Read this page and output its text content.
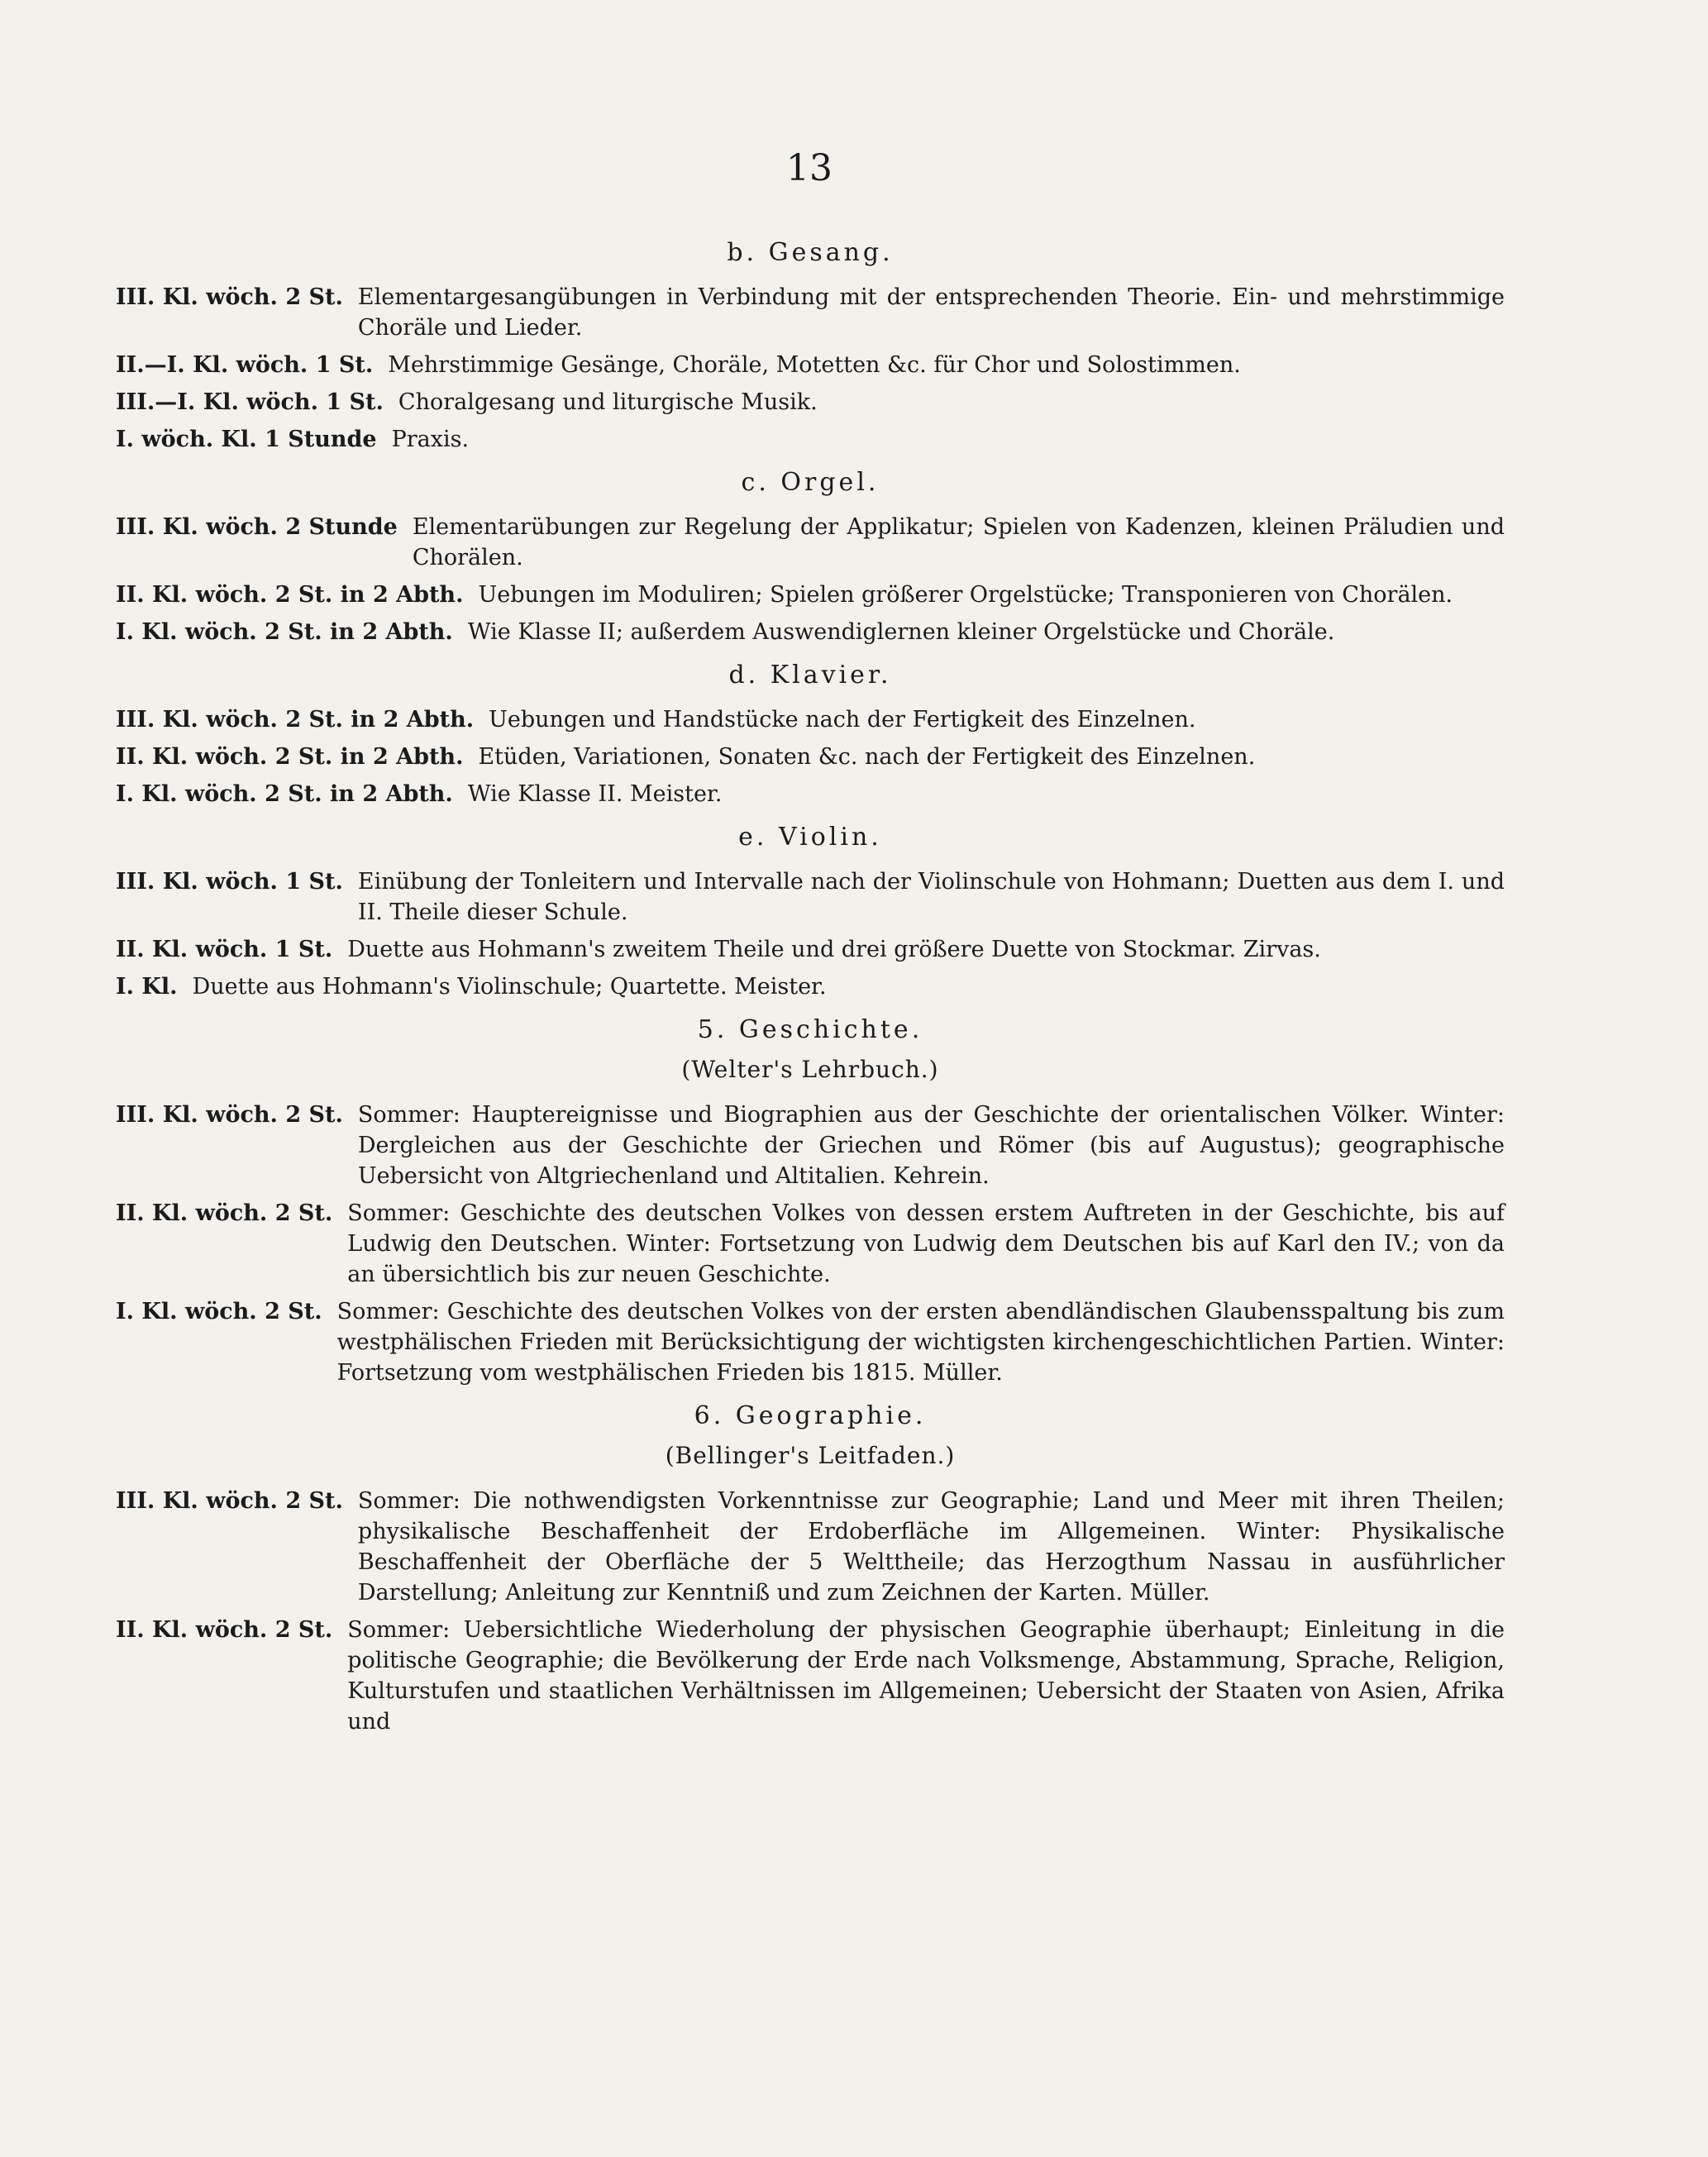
13
b. Gesang.
III. Kl. wöch. 2 St. Elementargesangübungen in Verbindung mit der entsprechenden Theorie. Ein- und mehrstimmige Choräle und Lieder.
II.—I. Kl. wöch. 1 St. Mehrstimmige Gesänge, Choräle, Motetten &c. für Chor und Solostimmen.
III.—I. Kl. wöch. 1 St. Choralgesang und liturgische Musik.
I. wöch. Kl. 1 Stunde Praxis.
c. Orgel.
III. Kl. wöch. 2 Stunde Elementarübungen zur Regelung der Applikatur; Spielen von Kadenzen, kleinen Präludien und Chorälen.
II. Kl. wöch. 2 St. in 2 Abth. Uebungen im Moduliren; Spielen größerer Orgelstücke; Transponieren von Chorälen.
I. Kl. wöch. 2 St. in 2 Abth. Wie Klasse II; außerdem Auswendiglernen kleiner Orgelstücke und Choräle.
d. Klavier.
III. Kl. wöch. 2 St. in 2 Abth. Uebungen und Handstücke nach der Fertigkeit des Einzelnen.
II. Kl. wöch. 2 St. in 2 Abth. Etüden, Variationen, Sonaten &c. nach der Fertigkeit des Einzelnen.
I. Kl. wöch. 2 St. in 2 Abth. Wie Klasse II. Meister.
e. Violin.
III. Kl. wöch. 1 St. Einübung der Tonleitern und Intervalle nach der Violinschule von Hohmann; Duetten aus dem I. und II. Theile dieser Schule.
II. Kl. wöch. 1 St. Duette aus Hohmann's zweitem Theile und drei größere Duette von Stockmar. Zirvas.
I. Kl. Duette aus Hohmann's Violinschule; Quartette. Meister.
5. Geschichte.
(Welter's Lehrbuch.)
III. Kl. wöch. 2 St. Sommer: Hauptereignisse und Biographien aus der Geschichte der orientalischen Völker. Winter: Dergleichen aus der Geschichte der Griechen und Römer (bis auf Augustus); geographische Uebersicht von Altgriechenland und Altitalien. Kehrein.
II. Kl. wöch. 2 St. Sommer: Geschichte des deutschen Volkes von dessen erstem Auftreten in der Geschichte, bis auf Ludwig den Deutschen. Winter: Fortsetzung von Ludwig dem Deutschen bis auf Karl den IV.; von da an übersichtlich bis zur neuen Geschichte.
I. Kl. wöch. 2 St. Sommer: Geschichte des deutschen Volkes von der ersten abendländischen Glaubensspaltung bis zum westphälischen Frieden mit Berücksichtigung der wichtigsten kirchengeschichtlichen Partien. Winter: Fortsetzung vom westphälischen Frieden bis 1815. Müller.
6. Geographie.
(Bellinger's Leitfaden.)
III. Kl. wöch. 2 St. Sommer: Die nothwendigsten Vorkenntnisse zur Geographie; Land und Meer mit ihren Theilen; physikalische Beschaffenheit der Erdoberfläche im Allgemeinen. Winter: Physikalische Beschaffenheit der Oberfläche der 5 Welttheile; das Herzogthum Nassau in ausführlicher Darstellung; Anleitung zur Kenntniß und zum Zeichnen der Karten. Müller.
II. Kl. wöch. 2 St. Sommer: Uebersichtliche Wiederholung der physischen Geographie überhaupt; Einleitung in die politische Geographie; die Bevölkerung der Erde nach Volksmenge, Abstammung, Sprache, Religion, Kulturstufen und staatlichen Verhältnissen im Allgemeinen; Uebersicht der Staaten von Asien, Afrika und
